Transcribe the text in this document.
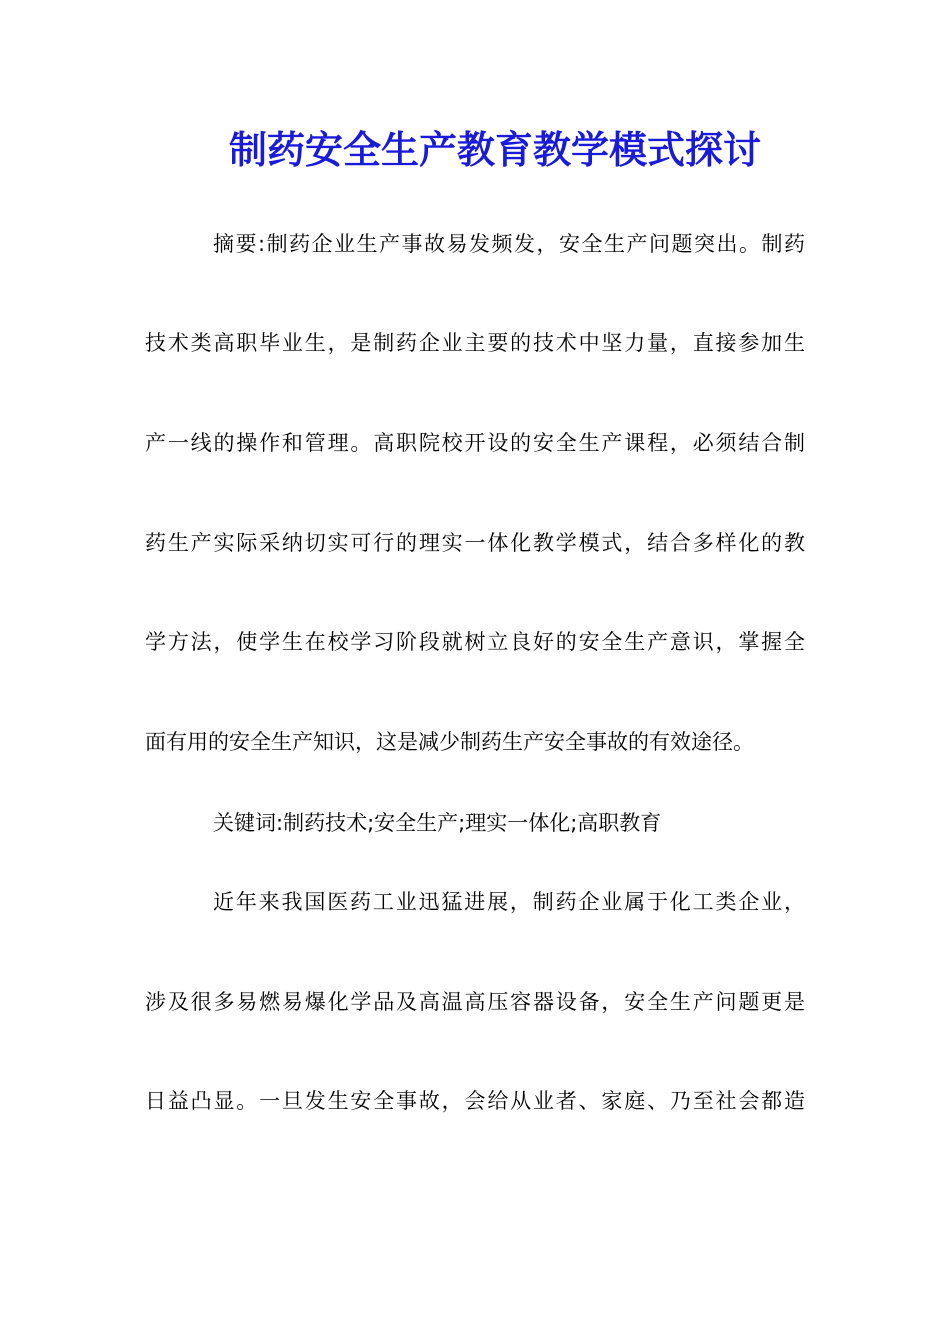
制药安全生产教育教学模式探讨
摘要:制药企业生产事故易发频发，安全生产问题突出。制药
技术类高职毕业生，是制药企业主要的技术中坚力量，直接参加生
产一线的操作和管理。高职院校开设的安全生产课程，必须结合制
药生产实际采纳切实可行的理实一体化教学模式，结合多样化的教
学方法，使学生在校学习阶段就树立良好的安全生产意识，掌握全
面有用的安全生产知识，这是减少制药生产安全事故的有效途径。
关键词:制药技术;安全生产;理实一体化;高职教育
近年来我国医药工业迅猛进展，制药企业属于化工类企业，
涉及很多易燃易爆化学品及高温高压容器设备，安全生产问题更是
日益凸显。一旦发生安全事故，会给从业者、家庭、乃至社会都造
